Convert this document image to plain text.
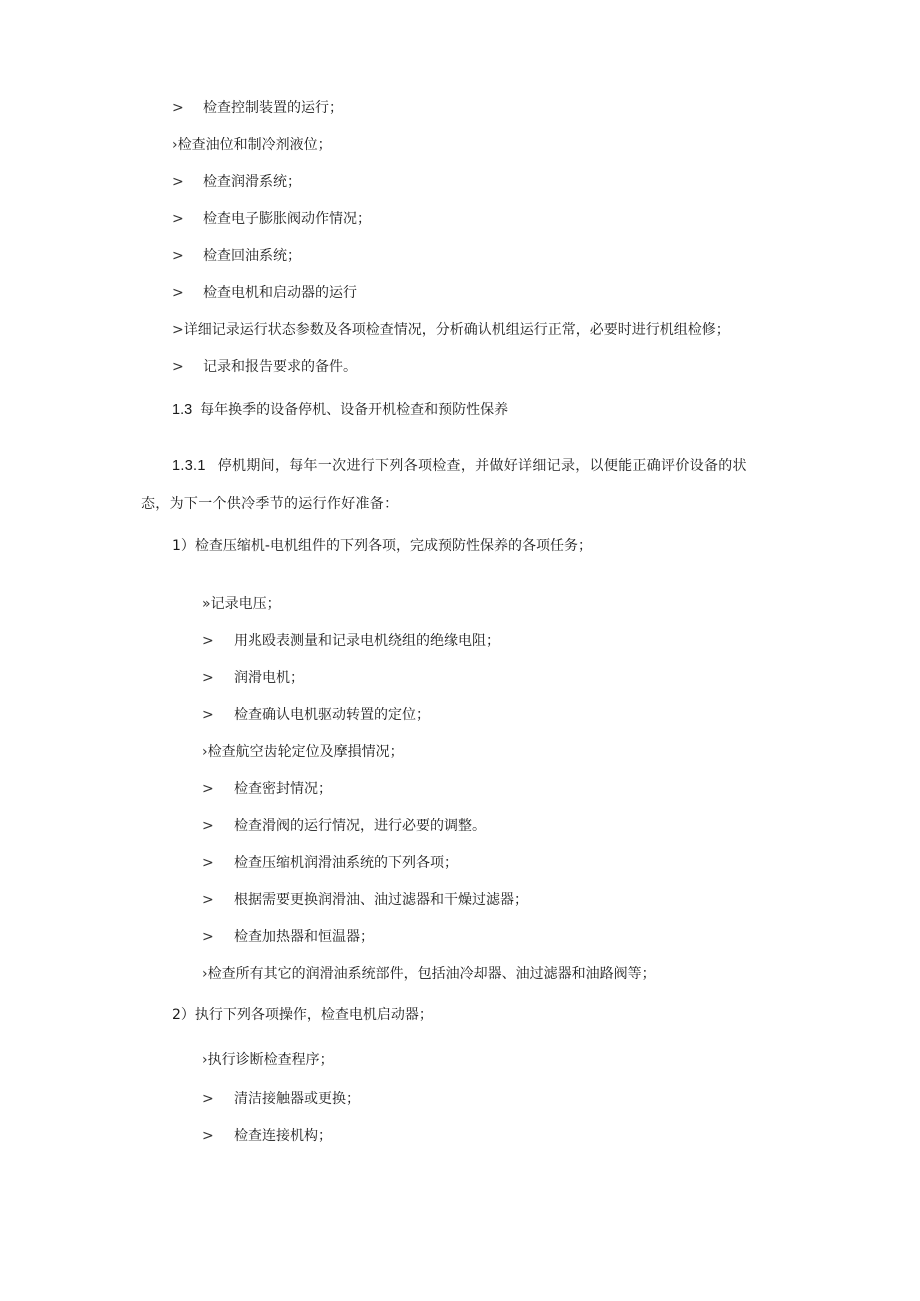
> 检查控制装置的运行；
›检查油位和制冷剂液位；
> 检查润滑系统；
> 检查电子膨胀阀动作情况；
> 检查回油系统；
> 检查电机和启动器的运行
>详细记录运行状态参数及各项检查情况，分析确认机组运行正常，必要时进行机组检修；
> 记录和报告要求的备件。
1.3 每年换季的设备停机、设备开机检查和预防性保养
1.3.1 停机期间，每年一次进行下列各项检查，并做好详细记录，以便能正确评价设备的状
态，为下一个供冷季节的运行作好准备：
1）检查压缩机-电机组件的下列各项，完成预防性保养的各项任务；
»记录电压；
> 用兆殴表测量和记录电机绕组的绝缘电阻；
> 润滑电机；
> 检查确认电机驱动转置的定位；
›检查航空齿轮定位及摩損情况；
> 检查密封情况；
> 检查滑阀的运行情况，进行必要的调整。
> 检查压缩机润滑油系统的下列各项；
> 根据需要更换润滑油、油过滤器和干燥过滤器；
> 检查加热器和恒温器；
›检查所有其它的润滑油系统部件，包括油冷却器、油过滤器和油路阀等；
2）执行下列各项操作，检查电机启动器；
›执行诊断检查程序；
> 清洁接触器或更换；
> 检查连接机构；
